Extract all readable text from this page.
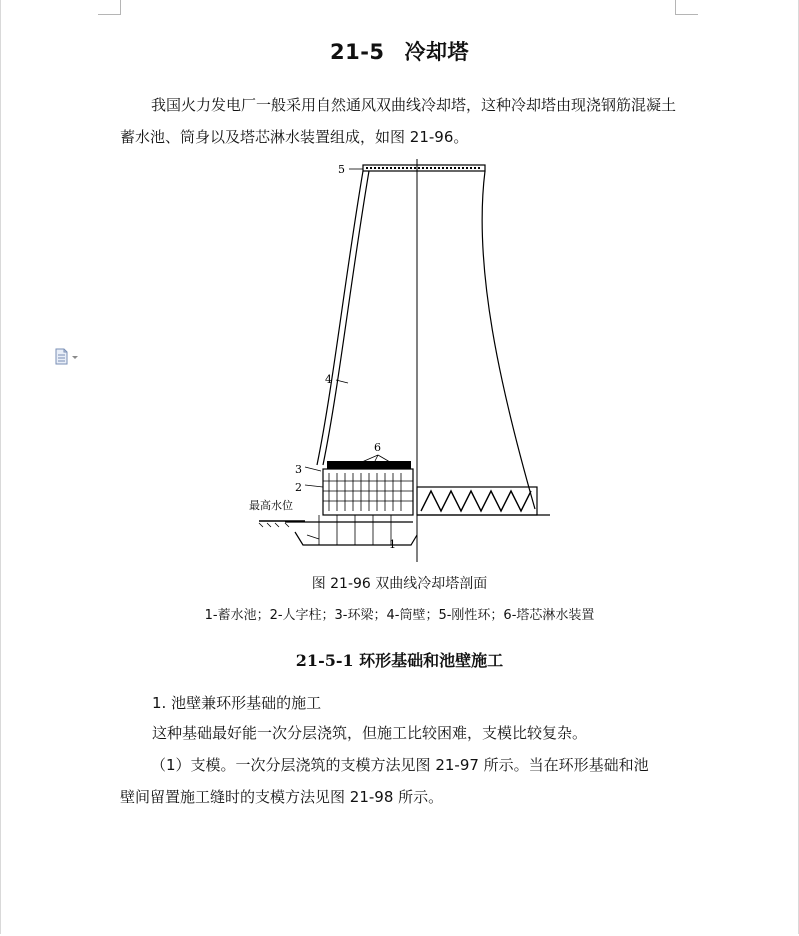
21-5 冷却塔
我国火力发电厂一般采用自然通风双曲线冷却塔，这种冷却塔由现浇钢筋混凝土蓄水池、筒身以及塔芯淋水装置组成，如图 21-96。
5
4
6
3
2
最高水位
1
图 21-96 双曲线冷却塔剖面
1-蓄水池；2-人字柱；3-环梁；4-筒壁；5-刚性环；6-塔芯淋水装置
21-5-1 环形基础和池壁施工
1. 池壁兼环形基础的施工
这种基础最好能一次分层浇筑，但施工比较困难，支模比较复杂。
（1）支模。一次分层浇筑的支模方法见图 21-97 所示。当在环形基础和池
壁间留置施工缝时的支模方法见图 21-98 所示。
